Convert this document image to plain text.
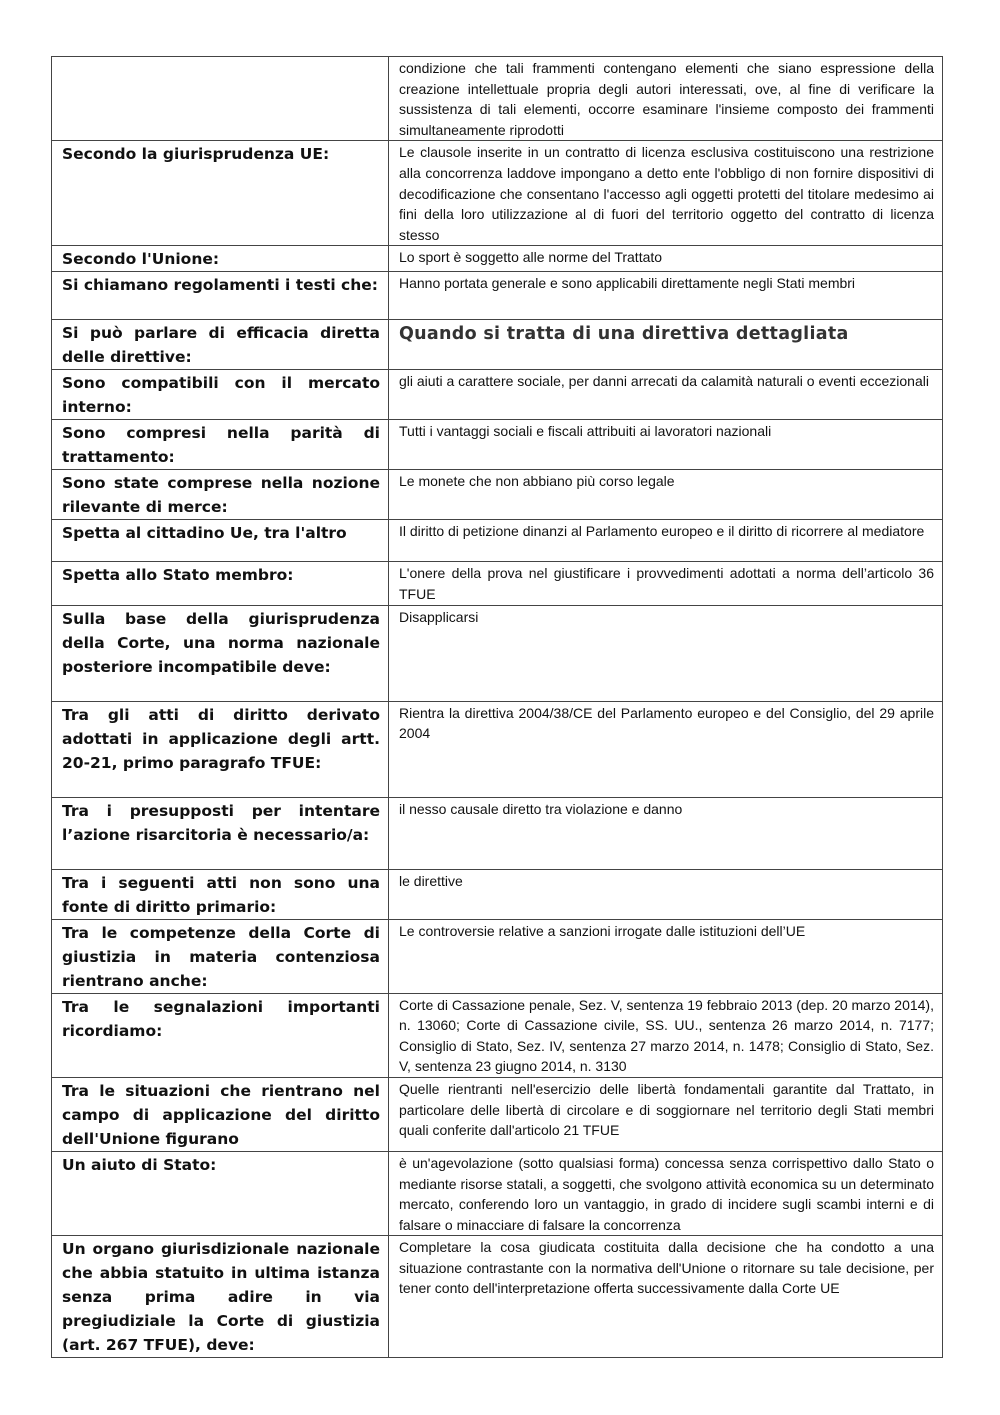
	condizione che tali frammenti contengano elementi che siano espressione della creazione intellettuale propria degli autori interessati, ove, al fine di verificare la sussistenza di tali elementi, occorre esaminare l'insieme composto dei frammenti simultaneamente riprodotti
Secondo la giurisprudenza UE:	Le clausole inserite in un contratto di licenza esclusiva costituiscono una restrizione alla concorrenza laddove impongano a detto ente l'obbligo di non fornire dispositivi di decodificazione che consentano l'accesso agli oggetti protetti del titolare medesimo ai fini della loro utilizzazione al di fuori del territorio oggetto del contratto di licenza stesso
Secondo l'Unione:	Lo sport è soggetto alle norme del Trattato
Si chiamano regolamenti i testi che:	Hanno portata generale e sono applicabili direttamente negli Stati membri
Si può parlare di efficacia diretta delle direttive:	Quando si tratta di una direttiva dettagliata
Sono compatibili con il mercato interno:	gli aiuti a carattere sociale, per danni arrecati da calamità naturali o eventi eccezionali
Sono compresi nella parità di trattamento:	Tutti i vantaggi sociali e fiscali attribuiti ai lavoratori nazionali
Sono state comprese nella nozione rilevante di merce:	Le monete che non abbiano più corso legale
Spetta al cittadino Ue, tra l'altro	Il diritto di petizione dinanzi al Parlamento europeo e il diritto di ricorrere al mediatore
Spetta allo Stato membro:	L'onere della prova nel giustificare i provvedimenti adottati a norma dell’articolo 36 TFUE
Sulla base della giurisprudenza della Corte, una norma nazionale posteriore incompatibile deve:	Disapplicarsi
Tra gli atti di diritto derivato adottati in applicazione degli artt. 20-21, primo paragrafo TFUE:	Rientra la direttiva 2004/38/CE del Parlamento europeo e del Consiglio, del 29 aprile 2004
Tra i presupposti per intentare l’azione risarcitoria è necessario/a:	il nesso causale diretto tra violazione e danno
Tra i seguenti atti non sono una fonte di diritto primario:	le direttive
Tra le competenze della Corte di giustizia in materia contenziosa rientrano anche:	Le controversie relative a sanzioni irrogate dalle istituzioni dell’UE
Tra le segnalazioni importanti ricordiamo:	Corte di Cassazione penale, Sez. V, sentenza 19 febbraio 2013 (dep. 20 marzo 2014), n. 13060; Corte di Cassazione civile, SS. UU., sentenza 26 marzo 2014, n. 7177; Consiglio di Stato, Sez. IV, sentenza 27 marzo 2014, n. 1478; Consiglio di Stato, Sez. V, sentenza 23 giugno 2014, n. 3130
Tra le situazioni che rientrano nel campo di applicazione del diritto dell'Unione figurano	Quelle rientranti nell'esercizio delle libertà fondamentali garantite dal Trattato, in particolare delle libertà di circolare e di soggiornare nel territorio degli Stati membri quali conferite dall'articolo 21 TFUE
Un aiuto di Stato:	è un'agevolazione (sotto qualsiasi forma) concessa senza corrispettivo dallo Stato o mediante risorse statali, a soggetti, che svolgono attività economica su un determinato mercato, conferendo loro un vantaggio, in grado di incidere sugli scambi interni e di falsare o minacciare di falsare la concorrenza
Un organo giurisdizionale nazionale che abbia statuito in ultima istanza senza prima adire in via pregiudiziale la Corte di giustizia (art. 267 TFUE), deve:	Completare la cosa giudicata costituita dalla decisione che ha condotto a una situazione contrastante con la normativa dell'Unione o ritornare su tale decisione, per tener conto dell'interpretazione offerta successivamente dalla Corte UE
